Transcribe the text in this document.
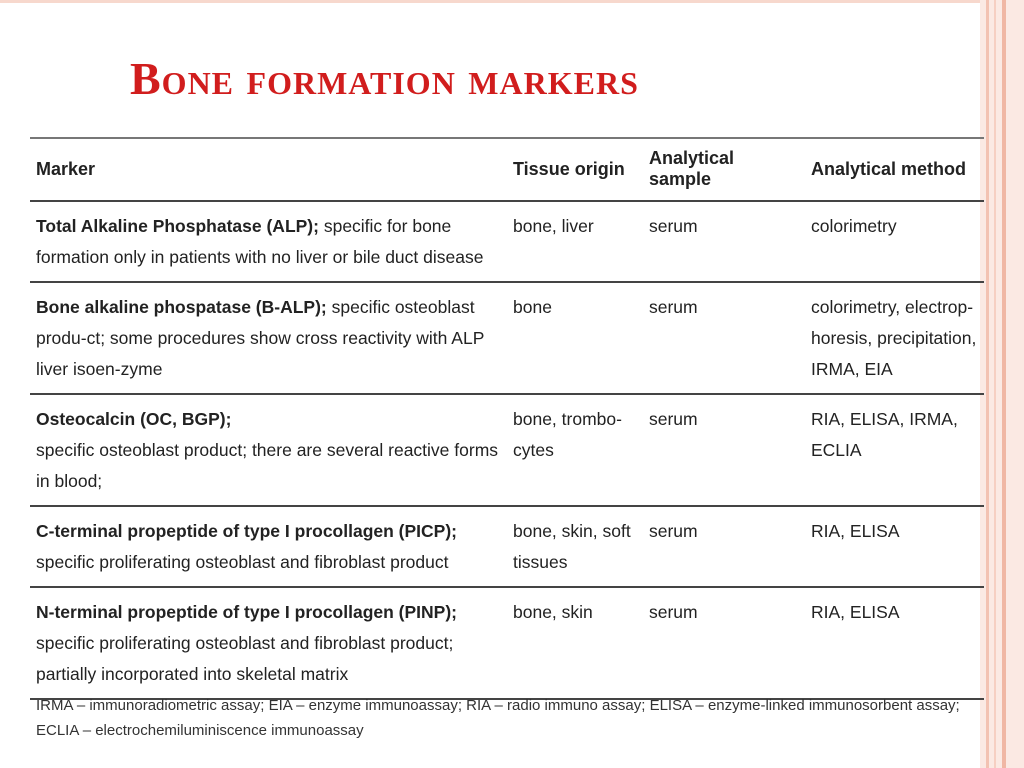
Bone formation markers
Marker	Tissue origin	Analytical sample	Analytical method
Total Alkaline Phosphatase (ALP); specific for bone formation only in patients with no liver or bile duct disease	bone, liver	serum	colorimetry
Bone alkaline phospatase (B-ALP); specific osteoblast produ-ct; some procedures show cross reactivity with ALP liver isoen-zyme	bone	serum	colorimetry, electrop-horesis, precipitation, IRMA, EIA
Osteocalcin (OC, BGP);
specific osteoblast product; there are several reactive forms in blood;	bone, trombo-cytes	serum	RIA, ELISA, IRMA, ECLIA
C-terminal propeptide of type I procollagen (PICP);
specific proliferating osteoblast and fibroblast product	bone, skin, soft tissues	serum	RIA, ELISA
N-terminal propeptide of type I procollagen (PINP);
specific proliferating osteoblast and fibroblast product; partially incorporated into skeletal matrix	bone, skin	serum	RIA, ELISA

IRMA – immunoradiometric assay; EIA – enzyme immunoassay; RIA – radio immuno assay; ELISA – enzyme-linked immunosorbent assay;
ECLIA – electrochemiluminiscence immunoassay
